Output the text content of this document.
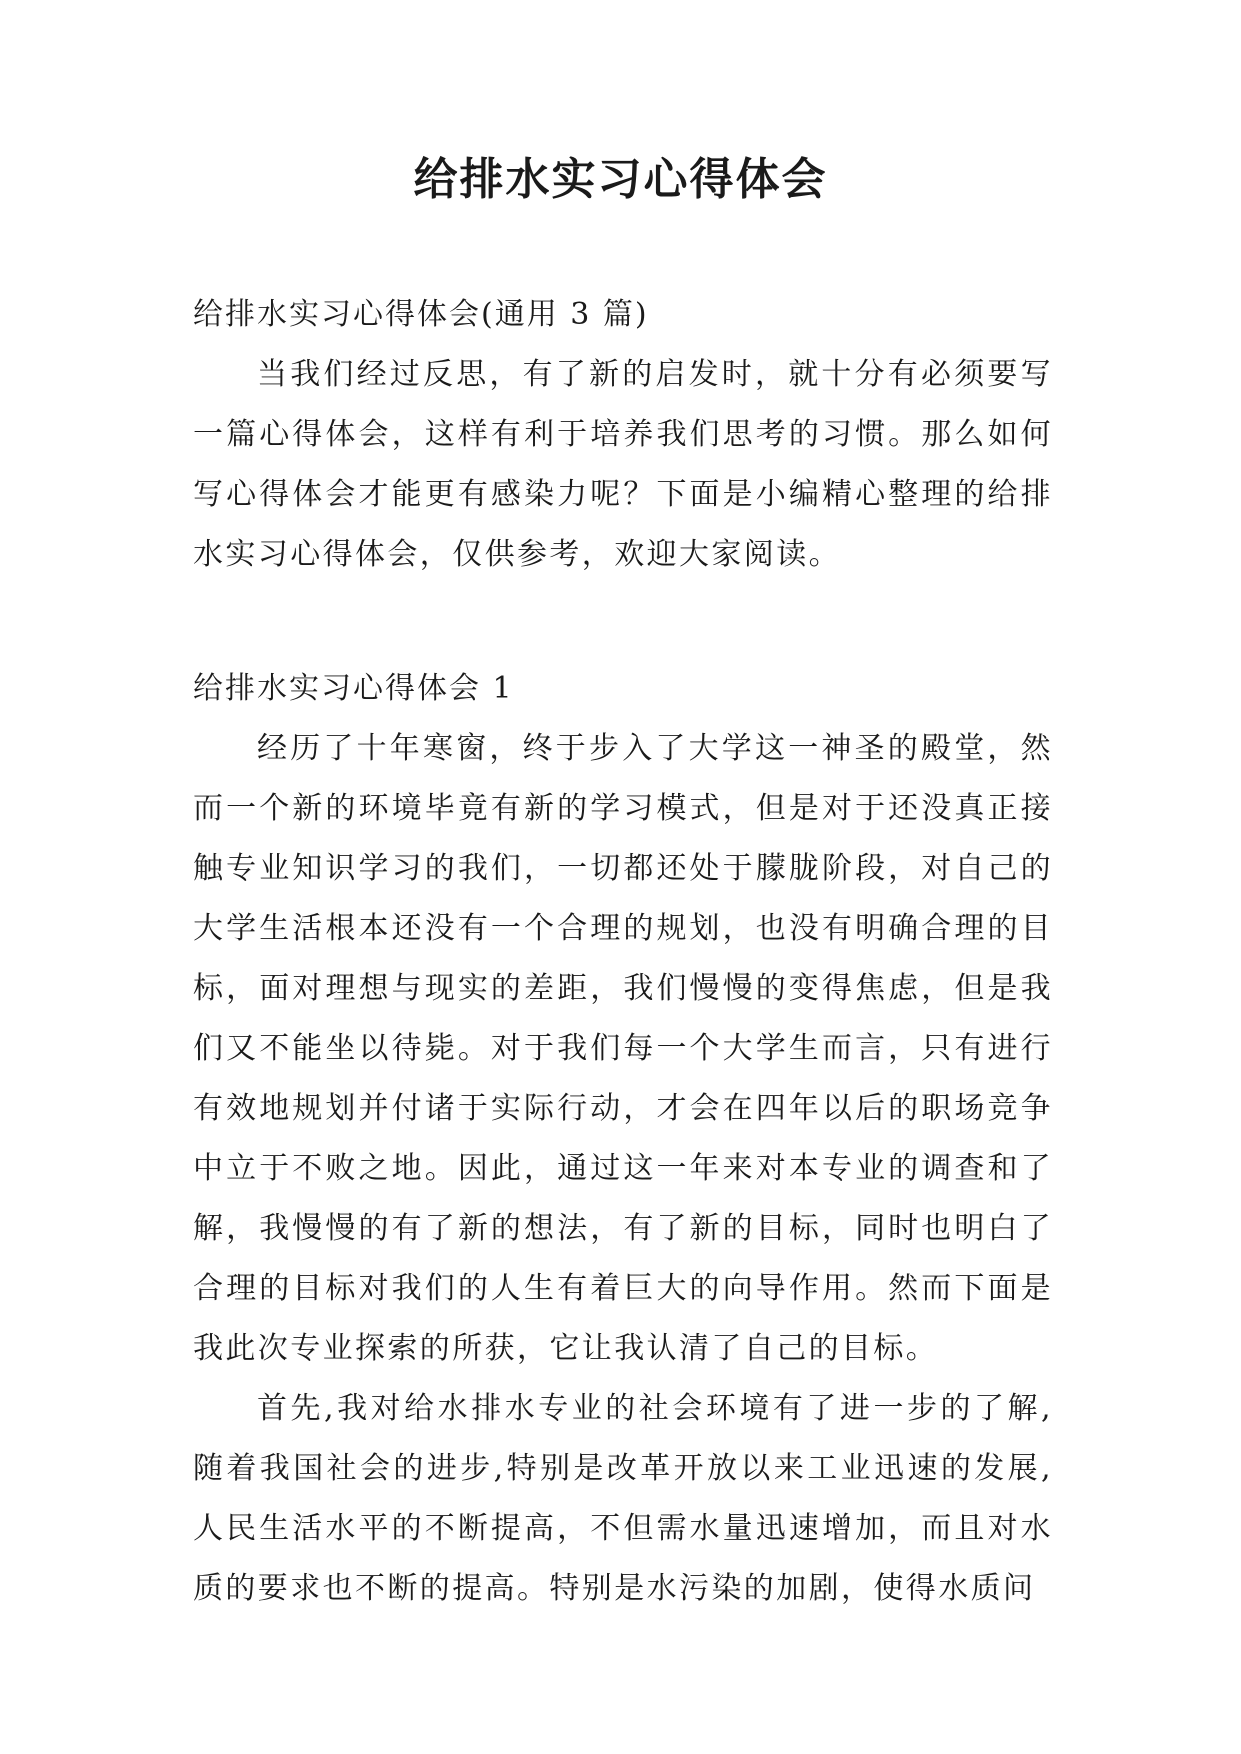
给排水实习心得体会

给排水实习心得体会(通用 3 篇)

当我们经过反思，有了新的启发时，就十分有必须要写一篇心得体会，这样有利于培养我们思考的习惯。那么如何写心得体会才能更有感染力呢？下面是小编精心整理的给排水实习心得体会，仅供参考，欢迎大家阅读。

给排水实习心得体会 1

经历了十年寒窗，终于步入了大学这一神圣的殿堂，然而一个新的环境毕竟有新的学习模式，但是对于还没真正接触专业知识学习的我们，一切都还处于朦胧阶段，对自己的大学生活根本还没有一个合理的规划，也没有明确合理的目标，面对理想与现实的差距，我们慢慢的变得焦虑，但是我们又不能坐以待毙。对于我们每一个大学生而言，只有进行有效地规划并付诸于实际行动，才会在四年以后的职场竞争中立于不败之地。因此，通过这一年来对本专业的调查和了解，我慢慢的有了新的想法，有了新的目标，同时也明白了合理的目标对我们的人生有着巨大的向导作用。然而下面是我此次专业探索的所获，它让我认清了自己的目标。

首先,我对给水排水专业的社会环境有了进一步的了解,随着我国社会的进步,特别是改革开放以来工业迅速的发展,人民生活水平的不断提高，不但需水量迅速增加，而且对水质的要求也不断的提高。特别是水污染的加剧，使得水质问
